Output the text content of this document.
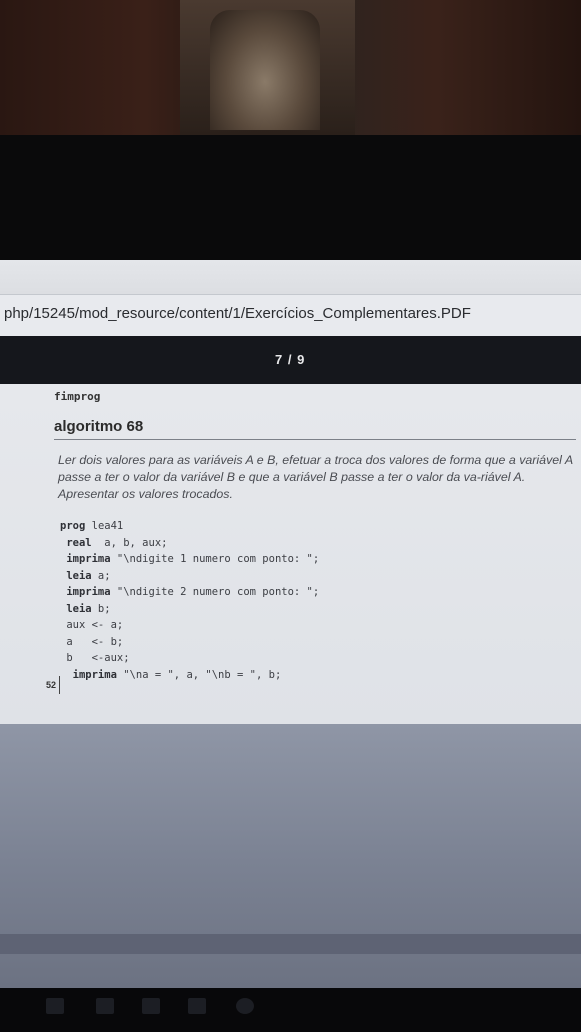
php/15245/mod_resource/content/1/Exercícios_Complementares.PDF
7 / 9
fimprog
algoritmo 68
Ler dois valores para as variáveis A e B, efetuar a troca dos valores de forma que a variável A passe a ter o valor da variável B e que a variável B passe a ter o valor da va-riável A. Apresentar os valores trocados.
prog lea41
real  a, b, aux;
imprima "\ndigite 1 numero com ponto: ";
leia a;
imprima "\ndigite 2 numero com ponto: ";
leia b;
aux <- a;
a   <- b;
b   <-aux;
imprima "\na = ", a, "\nb = ", b;
52
